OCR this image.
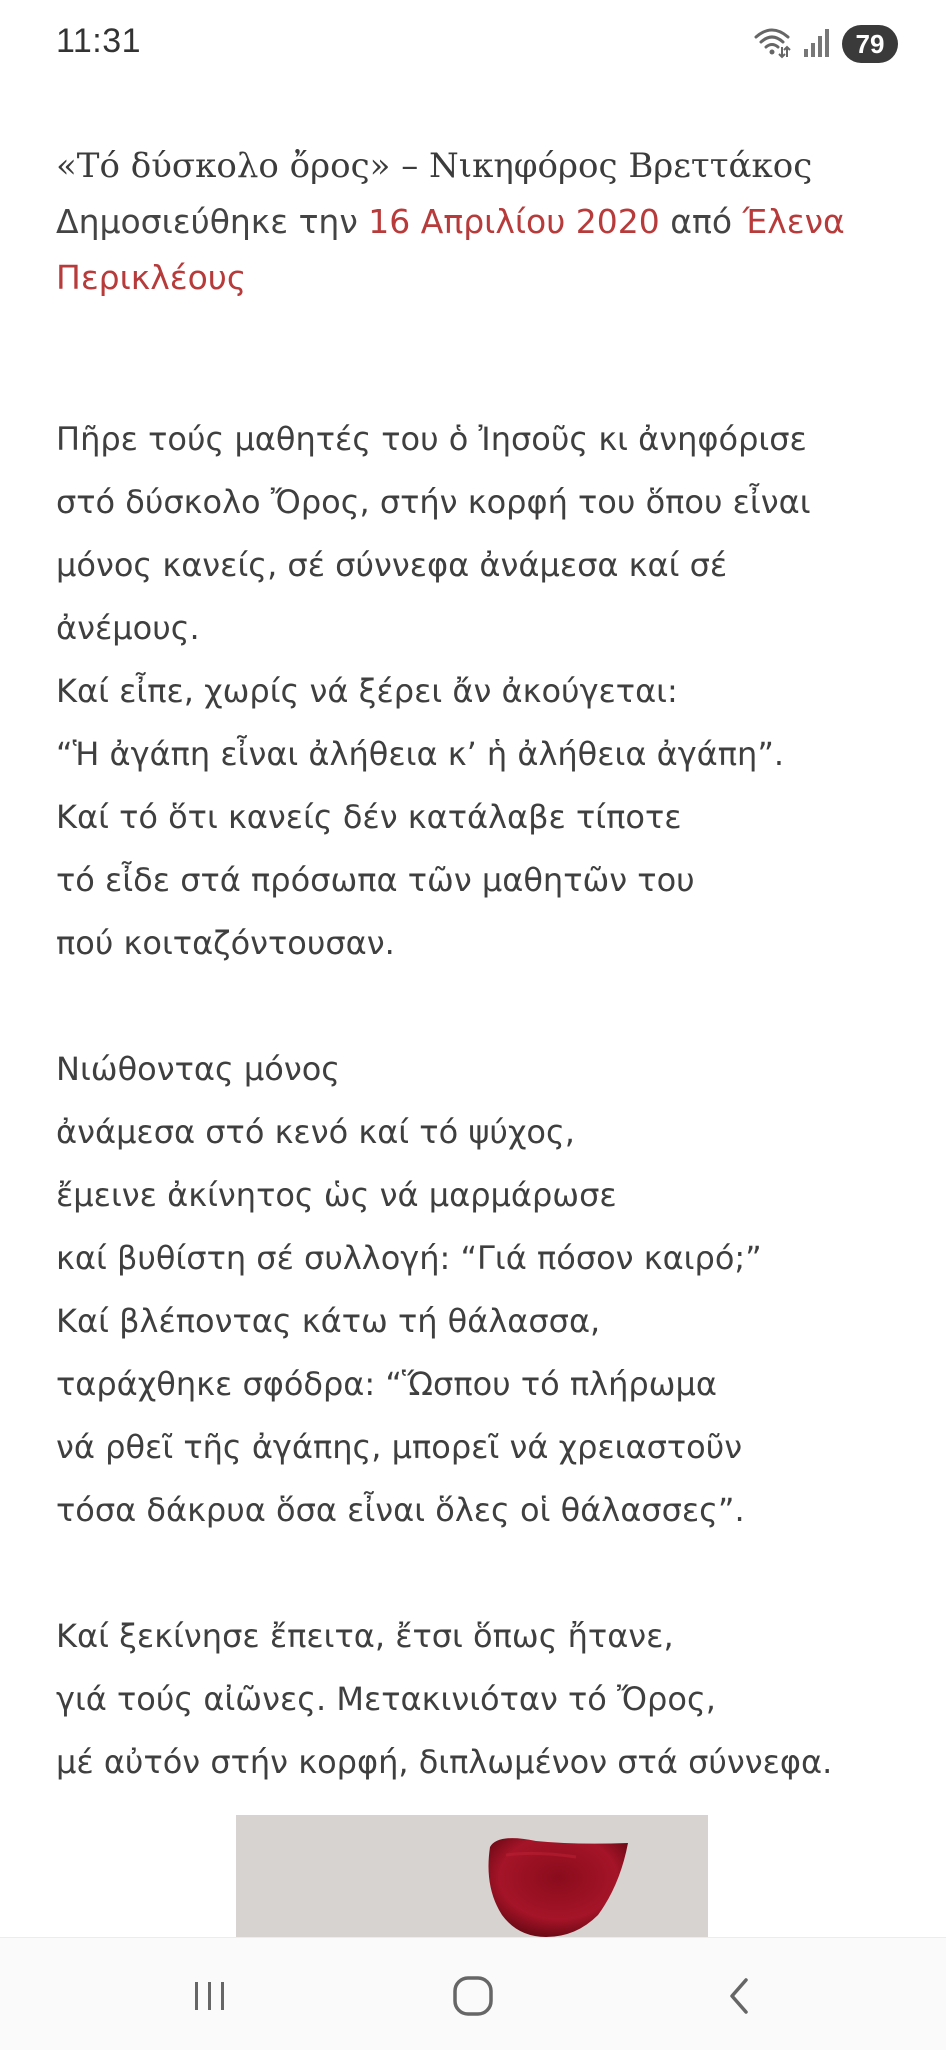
11:31	79

«Τό δύσκολο ὄρος» – Νικηφόρος Βρεττάκος

Δημοσιεύθηκε την 16 Απριλίου 2020 από Έλενα Περικλέους

Πῆρε τούς μαθητές του ὁ Ἰησοῦς κι ἀνηφόρισε
στό δύσκολο Ὄρος, στήν κορφή του ὅπου εἶναι
μόνος κανείς, σέ σύννεφα ἀνάμεσα καί σέ
ἀνέμους.
Καί εἶπε, χωρίς νά ξέρει ἄν ἀκούγεται:
“Ἡ ἀγάπη εἶναι ἀλήθεια κ’ ἡ ἀλήθεια ἀγάπη”.
Καί τό ὅτι κανείς δέν κατάλαβε τίποτε
τό εἶδε στά πρόσωπα τῶν μαθητῶν του
πού κοιταζόντουσαν.
Νιώθοντας μόνος
ἀνάμεσα στό κενό καί τό ψύχος,
ἔμεινε ἀκίνητος ὡς νά μαρμάρωσε
καί βυθίστη σέ συλλογή: “Γιά πόσον καιρό;”
Καί βλέποντας κάτω τή θάλασσα,
ταράχθηκε σφόδρα: “Ὥσπου τό πλήρωμα
νά ρθεῖ τῆς ἀγάπης, μπορεῖ νά χρειαστοῦν
τόσα δάκρυα ὅσα εἶναι ὅλες οἱ θάλασσες”.
Καί ξεκίνησε ἔπειτα, ἔτσι ὅπως ἤτανε,
γιά τούς αἰῶνες. Μετακινιόταν τό Ὄρος,
μέ αὐτόν στήν κορφή, διπλωμένον στά σύννεφα.
